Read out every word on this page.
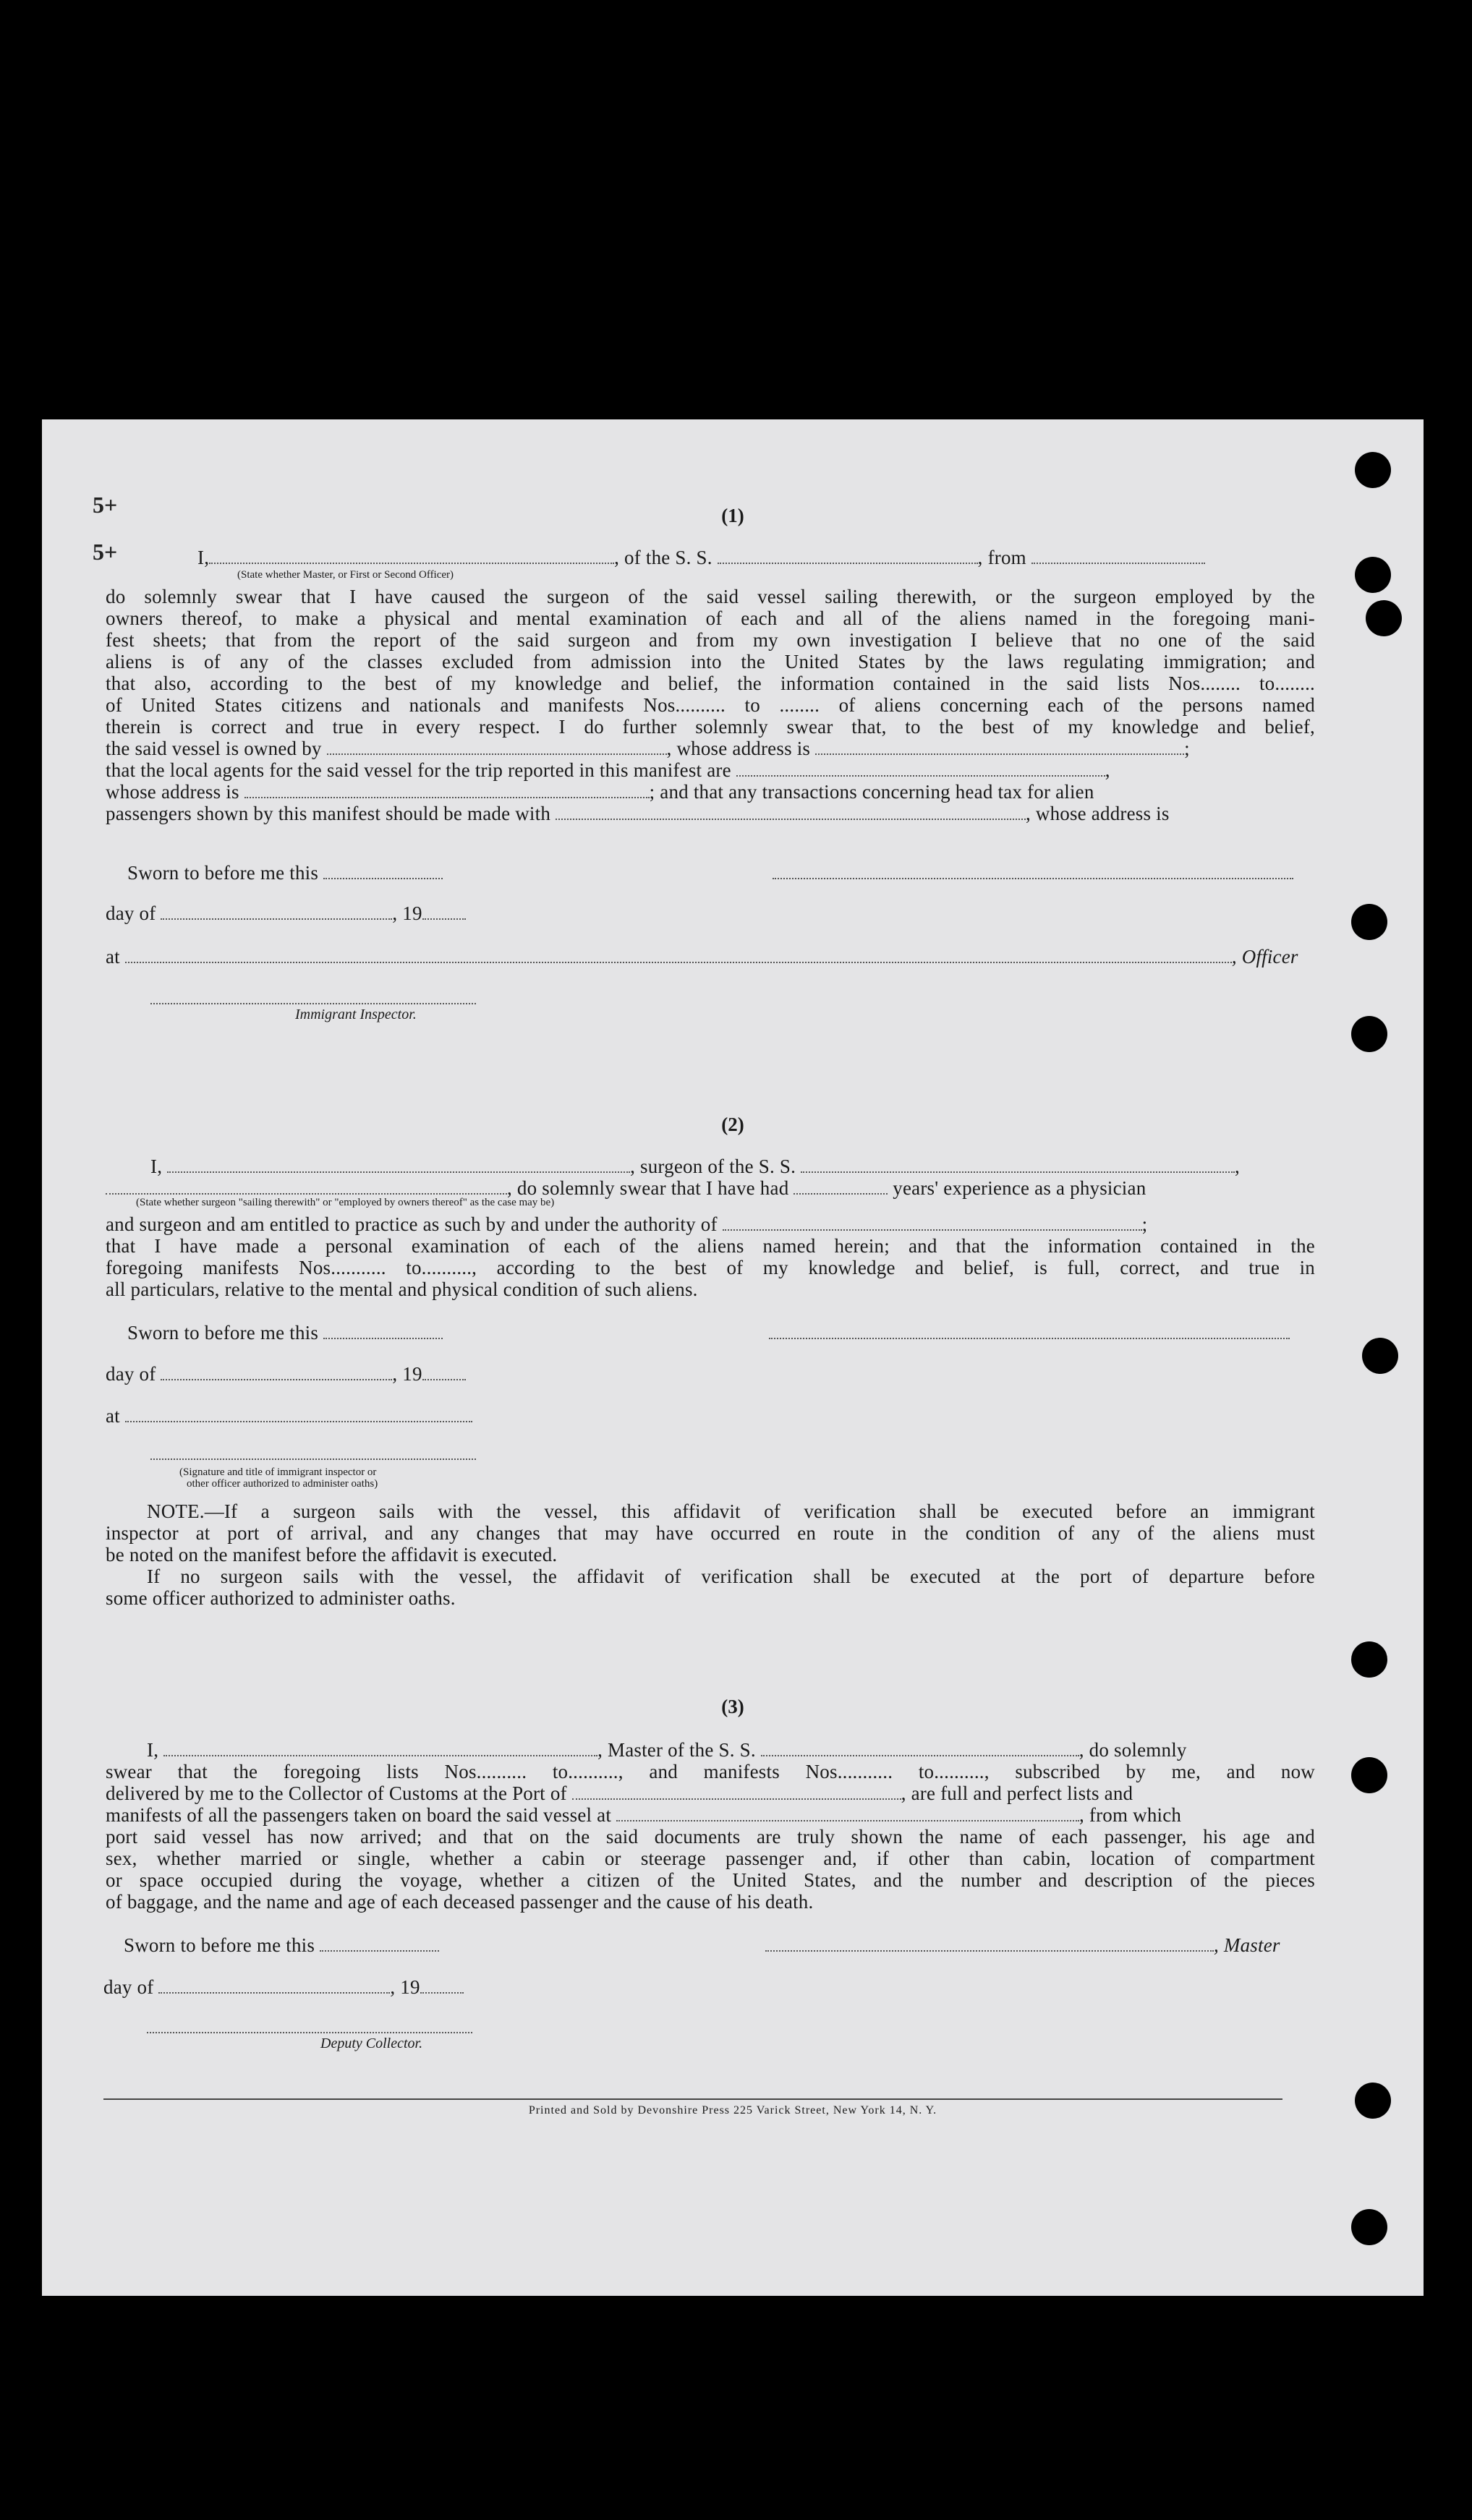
5+
5+
(1)
I,	, of the S. S.	, from
(State whether Master, or First or Second Officer)
do solemnly swear that I have caused the surgeon of the said vessel sailing therewith, or the surgeon employed by the
owners thereof, to make a physical and mental examination of each and all of the aliens named in the foregoing mani-
fest sheets; that from the report of the said surgeon and from my own investigation I believe that no one of the said
aliens is of any of the classes excluded from admission into the United States by the laws regulating immigration; and
that also, according to the best of my knowledge and belief, the information contained in the said lists Nos........ to........
of United States citizens and nationals and manifests Nos.......... to ........ of aliens concerning each of the persons named
therein is correct and true in every respect. I do further solemnly swear that, to the best of my knowledge and belief,
the said vessel is owned by	, whose address is	;
that the local agents for the said vessel for the trip reported in this manifest are	,
whose address is	; and that any transactions concerning head tax for alien
passengers shown by this manifest should be made with	, whose address is
Sworn to before me this
day of	, 19
at	, Officer
Immigrant Inspector.
(2)
I,	, surgeon of the S. S.	,
, do solemnly swear that I have had	years' experience as a physician
(State whether surgeon "sailing therewith" or "employed by owners thereof" as the case may be)
and surgeon and am entitled to practice as such by and under the authority of	;
that I have made a personal examination of each of the aliens named herein; and that the information contained in the
foregoing manifests Nos........... to.........., according to the best of my knowledge and belief, is full, correct, and true in
all particulars, relative to the mental and physical condition of such aliens.
Sworn to before me this
day of	, 19
at
(Signature and title of immigrant inspector or
other officer authorized to administer oaths)
NOTE.—If a surgeon sails with the vessel, this affidavit of verification shall be executed before an immigrant
inspector at port of arrival, and any changes that may have occurred en route in the condition of any of the aliens must
be noted on the manifest before the affidavit is executed.
If no surgeon sails with the vessel, the affidavit of verification shall be executed at the port of departure before
some officer authorized to administer oaths.
(3)
I,	, Master of the S. S.	, do solemnly
swear that the foregoing lists Nos.......... to.........., and manifests Nos........... to.........., subscribed by me, and now
delivered by me to the Collector of Customs at the Port of	, are full and perfect lists and
manifests of all the passengers taken on board the said vessel at	, from which
port said vessel has now arrived; and that on the said documents are truly shown the name of each passenger, his age and
sex, whether married or single, whether a cabin or steerage passenger and, if other than cabin, location of compartment
or space occupied during the voyage, whether a citizen of the United States, and the number and description of the pieces
of baggage, and the name and age of each deceased passenger and the cause of his death.
Sworn to before me this	, Master
day of	, 19
Deputy Collector.
Printed and Sold by Devonshire Press 225 Varick Street, New York 14, N. Y.
